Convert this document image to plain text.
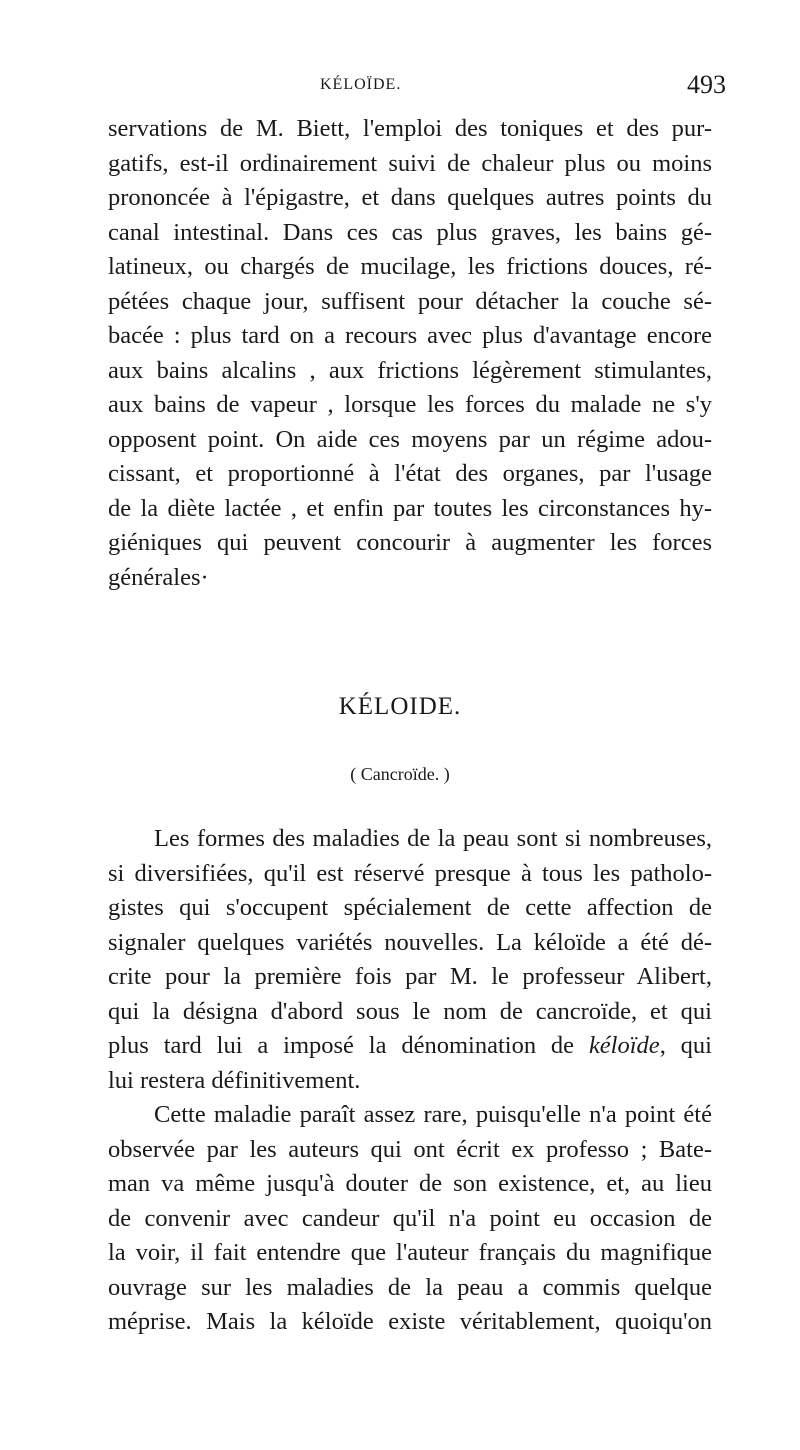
KÉLOÏDE.	493
servations de M. Biett, l'emploi des toniques et des pur-
gatifs, est-il ordinairement suivi de chaleur plus ou moins
prononcée à l'épigastre, et dans quelques autres points du
canal intestinal. Dans ces cas plus graves, les bains gé-
latineux, ou chargés de mucilage, les frictions douces, ré-
pétées chaque jour, suffisent pour détacher la couche sé-
bacée : plus tard on a recours avec plus d'avantage encore
aux bains alcalins , aux frictions légèrement stimulantes,
aux bains de vapeur , lorsque les forces du malade ne s'y
opposent point. On aide ces moyens par un régime adou-
cissant, et proportionné à l'état des organes, par l'usage
de la diète lactée , et enfin par toutes les circonstances hy-
giéniques qui peuvent concourir à augmenter les forces
générales·
KÉLOIDE.
( Cancroïde. )
Les formes des maladies de la peau sont si nombreuses,
si diversifiées, qu'il est réservé presque à tous les patholo-
gistes qui s'occupent spécialement de cette affection de
signaler quelques variétés nouvelles. La kéloïde a été dé-
crite pour la première fois par M. le professeur Alibert,
qui la désigna d'abord sous le nom de cancroïde, et qui
plus tard lui a imposé la dénomination de kéloïde, qui
lui restera définitivement.
Cette maladie paraît assez rare, puisqu'elle n'a point été
observée par les auteurs qui ont écrit ex professo ; Bate-
man va même jusqu'à douter de son existence, et, au lieu
de convenir avec candeur qu'il n'a point eu occasion de
la voir, il fait entendre que l'auteur français du magnifique
ouvrage sur les maladies de la peau a commis quelque
méprise. Mais la kéloïde existe véritablement, quoiqu'on
